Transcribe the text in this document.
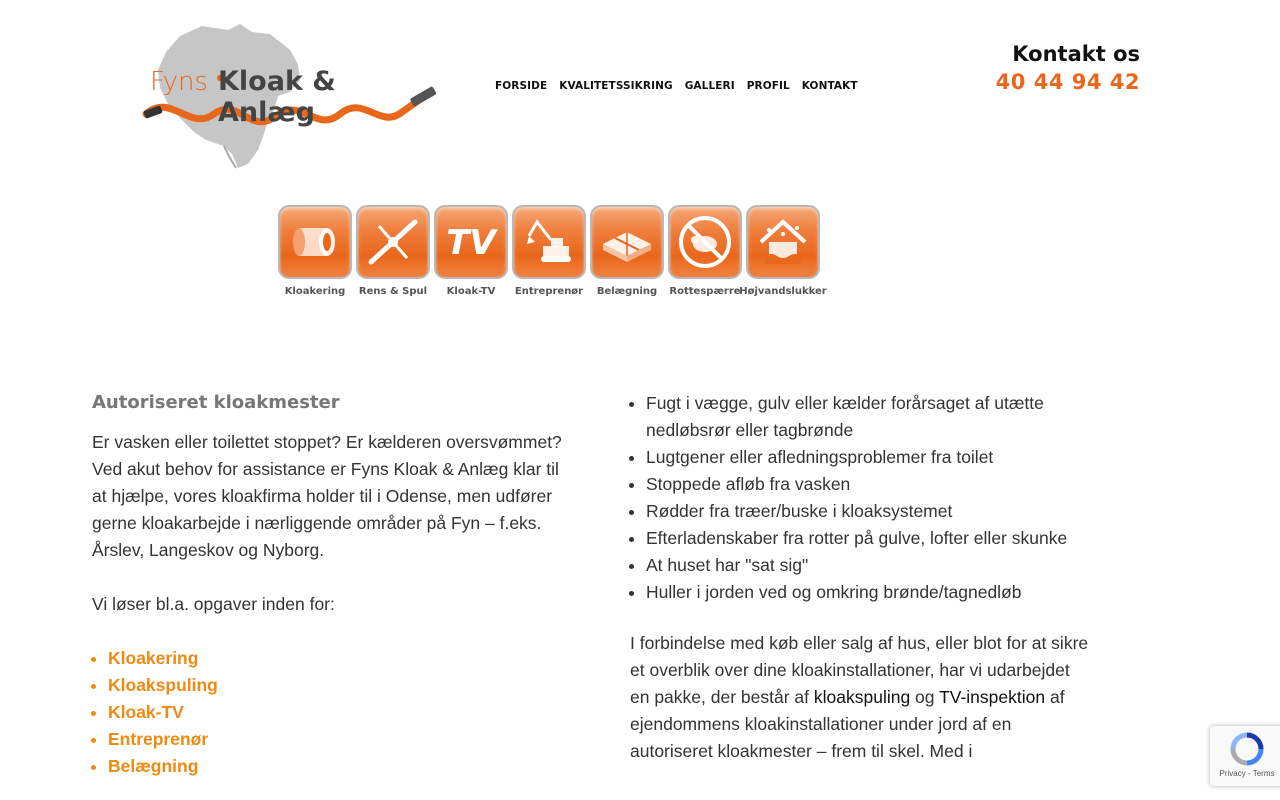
Fyns Kloak & Anlæg
FORSIDE KVALITETSSIKRING GALLERI PROFIL KONTAKT
Kontakt os
40 44 94 42
Kloakering Rens & Spul
TV
Kloak-TV Entreprenør Belægning Rottespærre
Højvandslukker
Autoriseret kloakmester

Er vasken eller toilettet stoppet? Er kælderen oversvømmet? Ved akut behov for assistance er Fyns Kloak & Anlæg klar til at hjælpe, vores kloakfirma holder til i Odense, men udfører gerne kloakarbejde i nærliggende områder på Fyn – f.eks. Årslev, Langeskov og Nyborg.

Vi løser bl.a. opgaver inden for:

• Kloakering
• Kloakspuling
• Kloak-TV
• Entreprenør
• Belægning
• Fugt i vægge, gulv eller kælder forårsaget af utætte nedløbsrør eller tagbrønde
• Lugtgener eller afledningsproblemer fra toilet
• Stoppede afløb fra vasken
• Rødder fra træer/buske i kloaksystemet
• Efterladenskaber fra rotter på gulve, lofter eller skunke
• At huset har "sat sig"
• Huller i jorden ved og omkring brønde/tagnedløb

I forbindelse med køb eller salg af hus, eller blot for at sikre et overblik over dine kloakinstallationer, har vi udarbejdet en pakke, der består af kloakspuling og TV-inspektion af ejendommens kloakinstallationer under jord af en autoriseret kloakmester – frem til skel. Med i

Privacy - Terms
